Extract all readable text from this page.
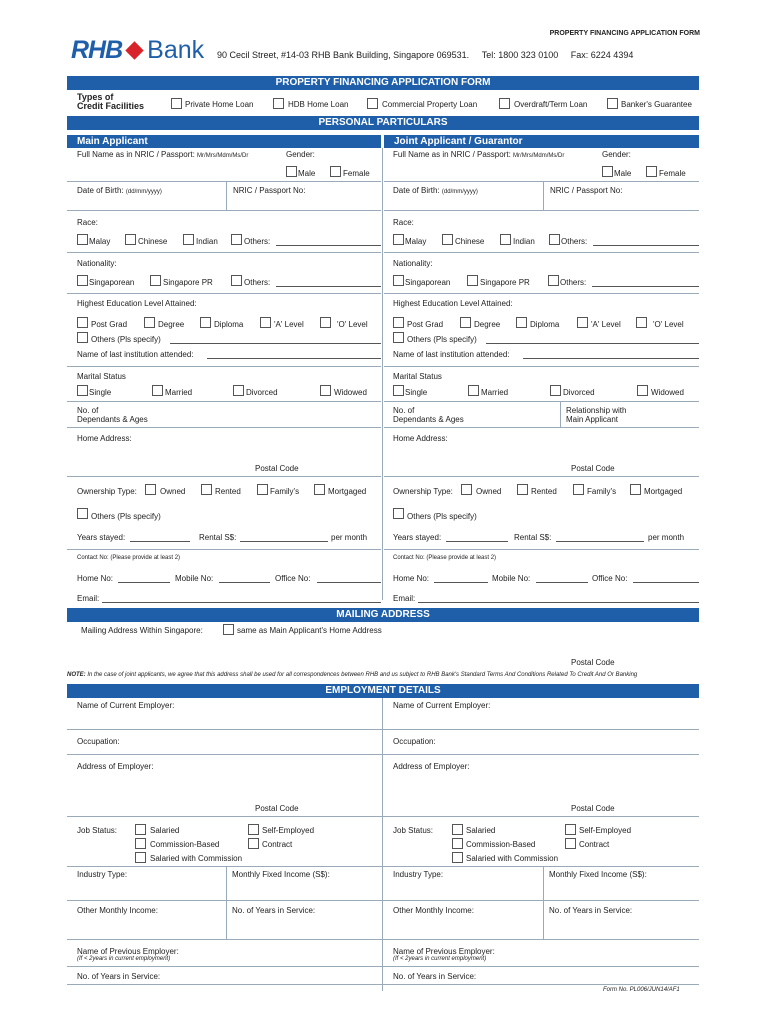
PROPERTY FINANCING APPLICATION FORM
RHB Bank 90 Cecil Street, #14-03 RHB Bank Building, Singapore 069531. Tel: 1800 323 0100 Fax: 6224 4394
PROPERTY FINANCING APPLICATION FORM
Types of
Credit Facilities	Private Home Loan	HDB Home Loan	Commercial Property Loan	Overdraft/Term Loan	Banker's Guarantee
PERSONAL PARTICULARS
Main Applicant	Joint Applicant / Guarantor
Full Name as in NRIC / Passport: Mr/Mrs/Mdm/Ms/Dr	Gender:
Male	Female
Date of Birth: (dd/mm/yyyy)	NRIC / Passport No:
Race:
Malay	Chinese	Indian	Others:
Nationality:
Singaporean	Singapore PR	Others:
Highest Education Level Attained:
Post Grad	Degree	Diploma	'A' Level	'O' Level
Others (Pls specify)
Name of last institution attended:
Marital Status
Single	Married	Divorced	Widowed
No. of
Dependants & Ages
Home Address:
Postal Code
Ownership Type:	Owned	Rented	Family's	Mortgaged
Others (Pls specify)
Years stayed:	Rental S$:	per month
Contact No: (Please provide at least 2)
Home No:	Mobile No:	Office No:
Email:
Full Name as in NRIC / Passport: Mr/Mrs/Mdm/Ms/Dr	Gender:
Male	Female
Date of Birth: (dd/mm/yyyy)	NRIC / Passport No:
Race:
Malay	Chinese	Indian	Others:
Nationality:
Singaporean	Singapore PR	Others:
Highest Education Level Attained:
Post Grad	Degree	Diploma	'A' Level	'O' Level
Others (Pls specify)
Name of last institution attended:
Marital Status
Single	Married	Divorced	Widowed
No. of
Dependants & Ages
Relationship with
Main Applicant
Home Address:
Postal Code
Ownership Type:	Owned	Rented	Family's	Mortgaged
Others (Pls specify)
Years stayed:	Rental S$:	per month
Contact No: (Please provide at least 2)
Home No:	Mobile No:	Office No:
Email:
MAILING ADDRESS
Mailing Address Within Singapore:	same as Main Applicant's Home Address
Postal Code
NOTE: In the case of joint applicants, we agree that this address shall be used for all correspondences between RHB and us subject to RHB Bank's Standard Terms And Conditions Related To Credit And Or Banking
EMPLOYMENT DETAILS
Name of Current Employer:	Name of Current Employer:
Occupation:	Occupation:
Address of Employer:	Address of Employer:
Postal Code	Postal Code
Job Status:	Salaried	Self-Employed
Commission-Based	Contract
Salaried with Commission
Job Status:	Salaried	Self-Employed
Commission-Based	Contract
Salaried with Commission
Industry Type:	Monthly Fixed Income (S$):	Industry Type:	Monthly Fixed Income (S$):
Other Monthly Income:	No. of Years in Service:	Other Monthly Income:	No. of Years in Service:
Name of Previous Employer:
(If < 2years in current employment)
Name of Previous Employer:
(If < 2years in current employment)
No. of Years in Service:	No. of Years in Service:
Form No. PL006/JUN14/AF1
